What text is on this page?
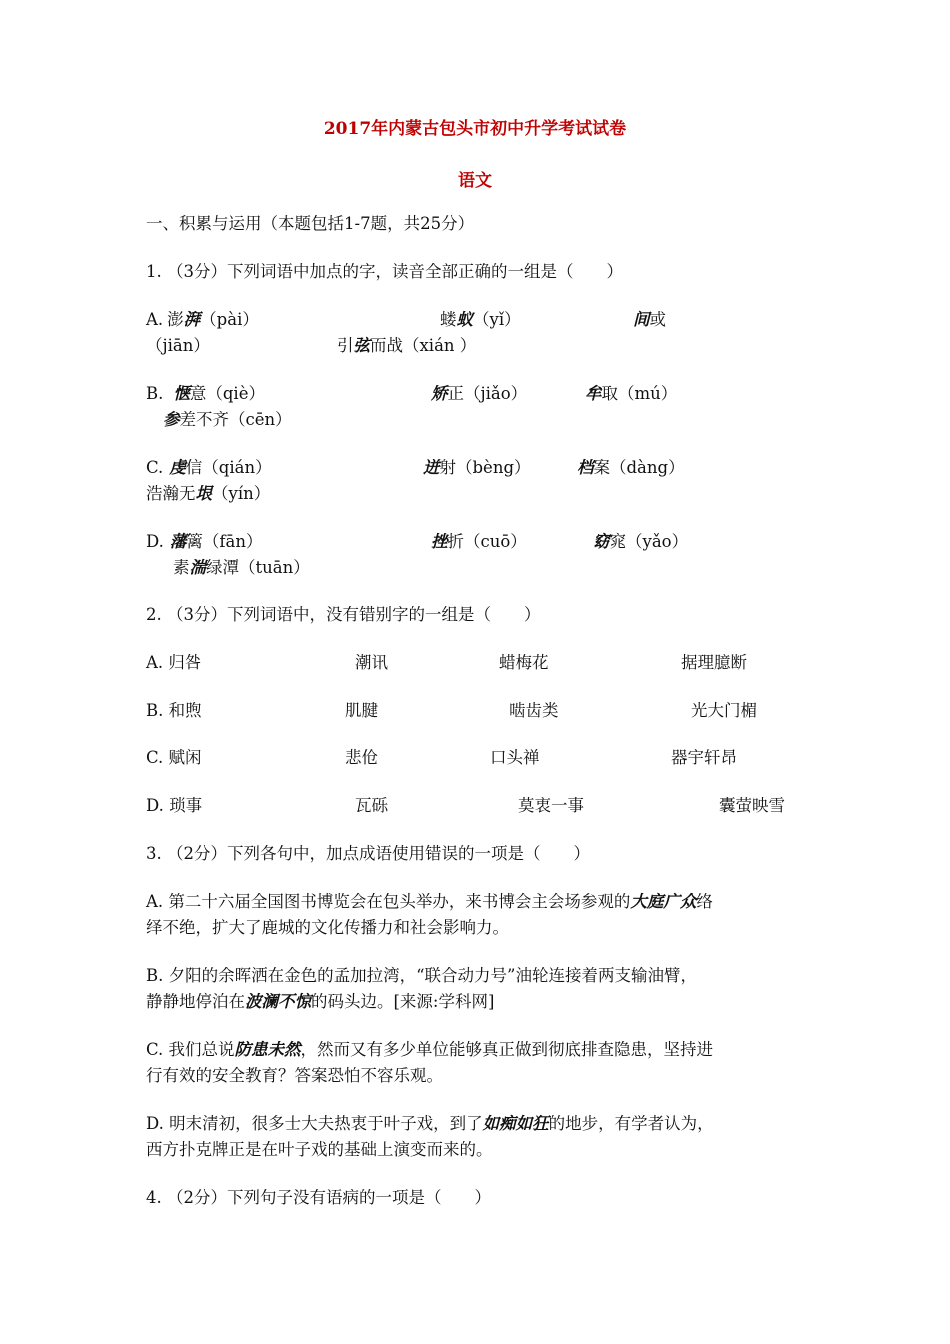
2017年内蒙古包头市初中升学考试试卷
语文
一、积累与运用（本题包括1-7题，共25分）
1. （3分）下列词语中加点的字，读音全部正确的一组是（　　）
A. 澎湃（pài）	蝼蚁（yǐ）	间或
（jiān）	引弦而战（xián ）
B. 惬意（qiè）	矫正（jiǎo）	牟取（mú）
参差不齐（cēn）
C. 虔信（qián）	迸射（bèng）	档案（dàng）
浩瀚无垠（yín）
D. 藩篱（fān）	挫折（cuō）	窈窕（yǎo）
素湍绿潭（tuān）
2. （3分）下列词语中，没有错别字的一组是（　　）
A. 归咎	潮讯	蜡梅花	据理臆断
B. 和煦	肌腱	啮齿类	光大门楣
C. 赋闲	悲伧	口头禅	器宇轩昂
D. 琐事	瓦砾	莫衷一事	囊萤映雪
3. （2分）下列各句中，加点成语使用错误的一项是（　　）
A. 第二十六届全国图书博览会在包头举办，来书博会主会场参观的大庭广众络
绎不绝，扩大了鹿城的文化传播力和社会影响力。
B. 夕阳的余晖洒在金色的孟加拉湾，“联合动力号”油轮连接着两支输油臂，
静静地停泊在波澜不惊的码头边。[来源:学科网]
C. 我们总说防患未然，然而又有多少单位能够真正做到彻底排查隐患，坚持进
行有效的安全教育？答案恐怕不容乐观。
D. 明末清初，很多士大夫热衷于叶子戏，到了如痴如狂的地步，有学者认为，
西方扑克牌正是在叶子戏的基础上演变而来的。
4. （2分）下列句子没有语病的一项是（　　）
